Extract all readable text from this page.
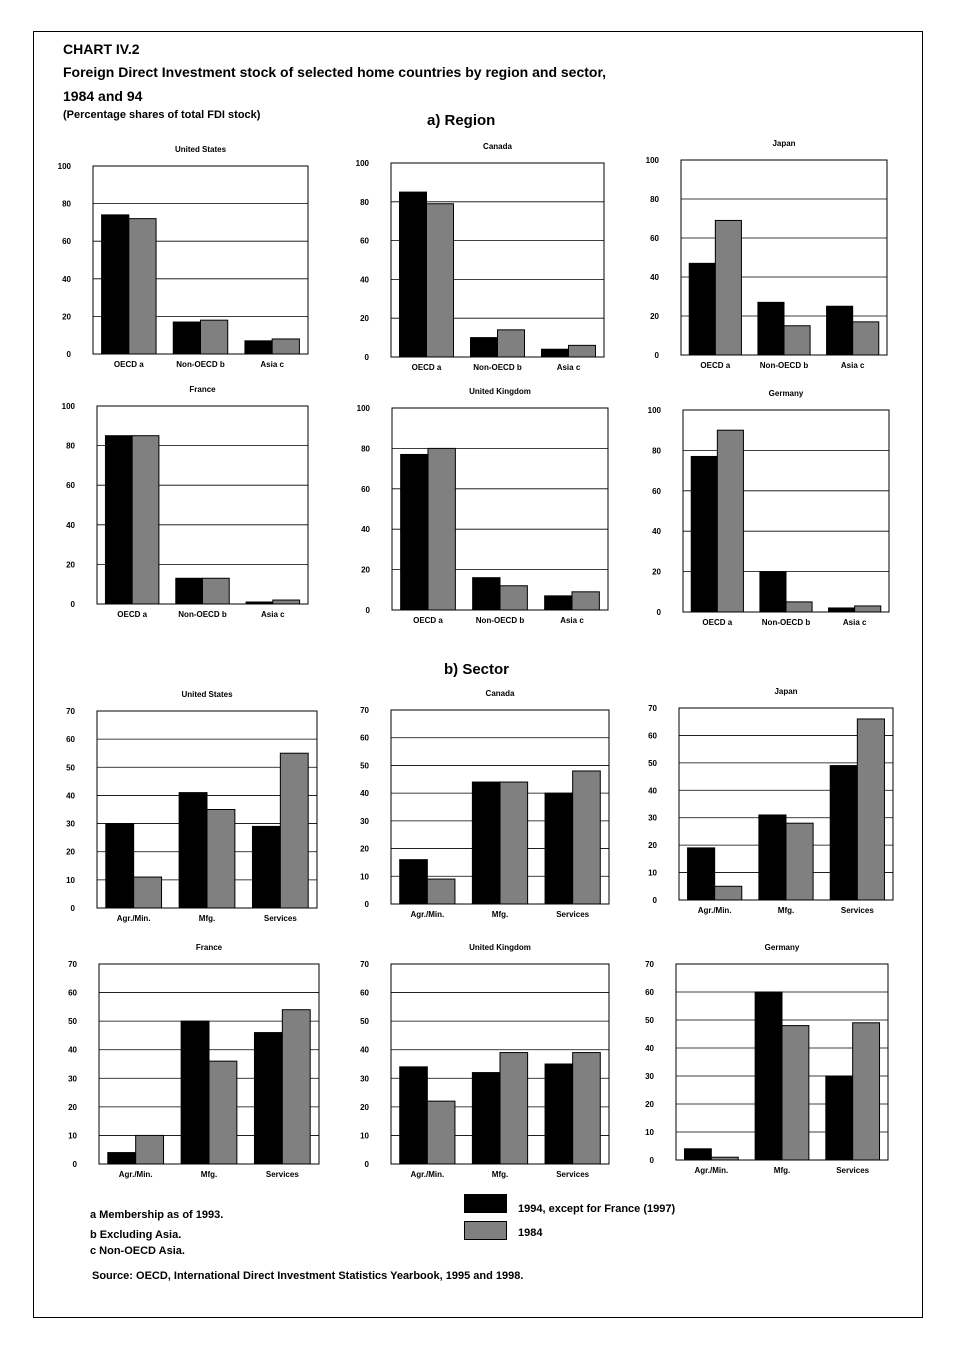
CHART IV.2
Foreign Direct Investment stock of selected home countries by region and sector,
1984 and 94
(Percentage shares of total FDI stock)	a) Region
b) Sector
United States
0
20
40
60
80
100
OECD a	Non-OECD b	Asia c
Canada
0
20
40
60
80
100
OECD a	Non-OECD b	Asia c
Japan
0
20
40
60
80
100
OECD a	Non-OECD b	Asia c
France
0
20
40
60
80
100
OECD a	Non-OECD b	Asia c
United Kingdom
0
20
40
60
80
100
OECD a	Non-OECD b	Asia c
Germany
0
20
40
60
80
100
OECD a	Non-OECD b	Asia c
United States
0
10
20
30
40
50
60
70
Agr./Min.	Mfg.	Services
Canada
0
10
20
30
40
50
60
70
Agr./Min.	Mfg.	Services
Japan
0
10
20
30
40
50
60
70
Agr./Min.	Mfg.	Services
France
0
10
20
30
40
50
60
70
Agr./Min.	Mfg.	Services
United Kingdom
0
10
20
30
40
50
60
70
Agr./Min.	Mfg.	Services
Germany
0
10
20
30
40
50
60
70
Agr./Min.	Mfg.	Services
a Membership as of 1993.
b Excluding Asia.
c Non-OECD Asia.
Source: OECD, International Direct Investment Statistics Yearbook, 1995 and 1998.
1994, except for France (1997)
1984
